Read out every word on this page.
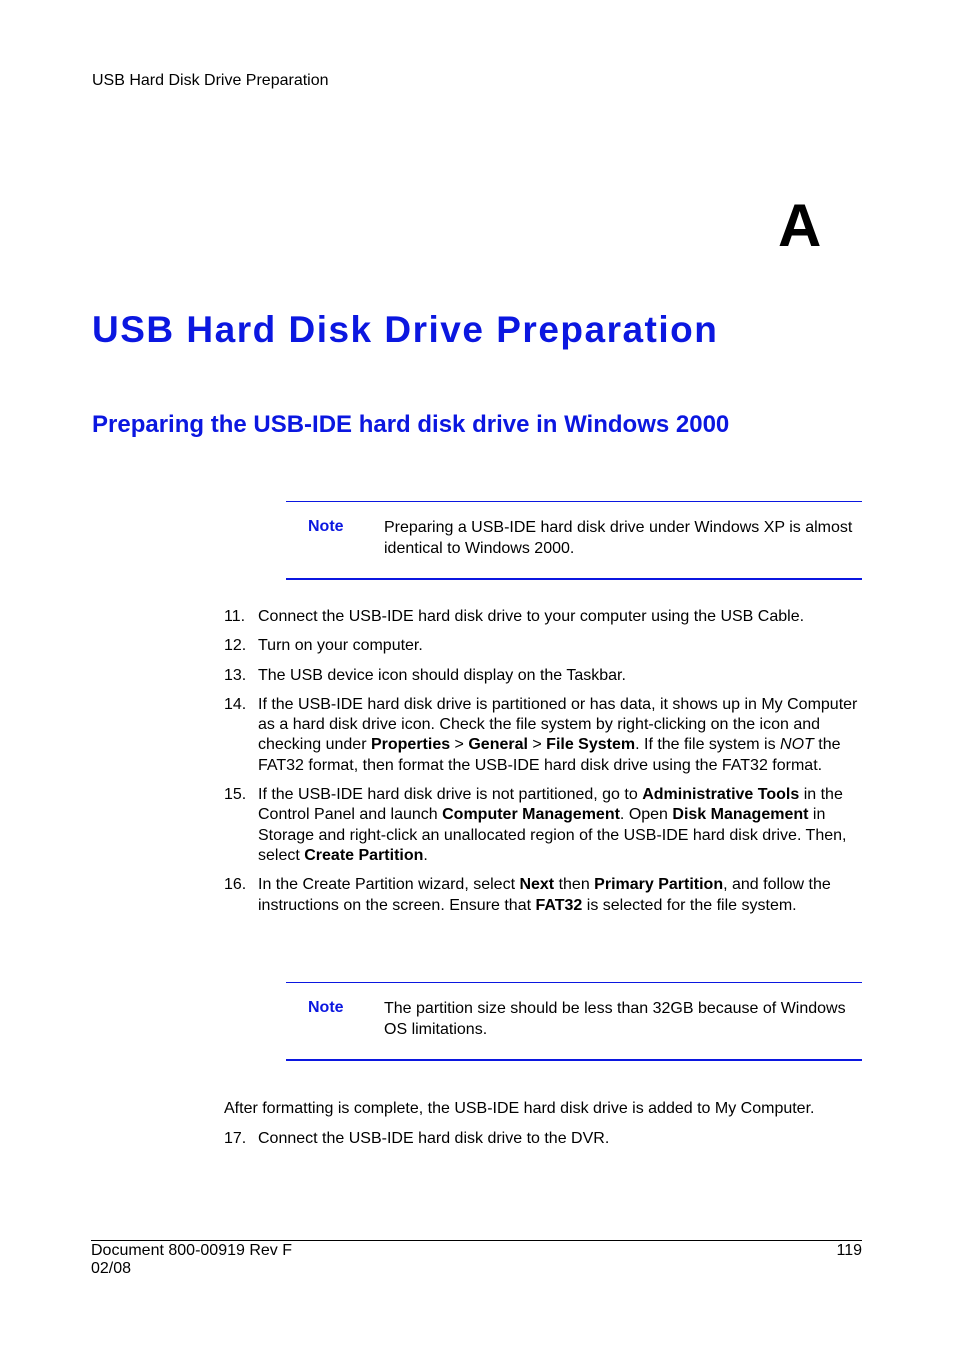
USB Hard Disk Drive Preparation
A
USB Hard Disk Drive Preparation
Preparing the USB-IDE hard disk drive in Windows 2000
Note	Preparing a USB-IDE hard disk drive under Windows XP is almost identical to Windows 2000.
11. Connect the USB-IDE hard disk drive to your computer using the USB Cable.
12. Turn on your computer.
13. The USB device icon should display on the Taskbar.
14. If the USB-IDE hard disk drive is partitioned or has data, it shows up in My Computer as a hard disk drive icon. Check the file system by right-clicking on the icon and checking under Properties > General > File System. If the file system is NOT the FAT32 format, then format the USB-IDE hard disk drive using the FAT32 format.
15. If the USB-IDE hard disk drive is not partitioned, go to Administrative Tools in the Control Panel and launch Computer Management. Open Disk Management in Storage and right-click an unallocated region of the USB-IDE hard disk drive. Then, select Create Partition.
16. In the Create Partition wizard, select Next then Primary Partition, and follow the instructions on the screen. Ensure that FAT32 is selected for the file system.
Note	The partition size should be less than 32GB because of Windows OS limitations.
After formatting is complete, the USB-IDE hard disk drive is added to My Computer.
17. Connect the USB-IDE hard disk drive to the DVR.
Document 800-00919 Rev F
02/08
119
